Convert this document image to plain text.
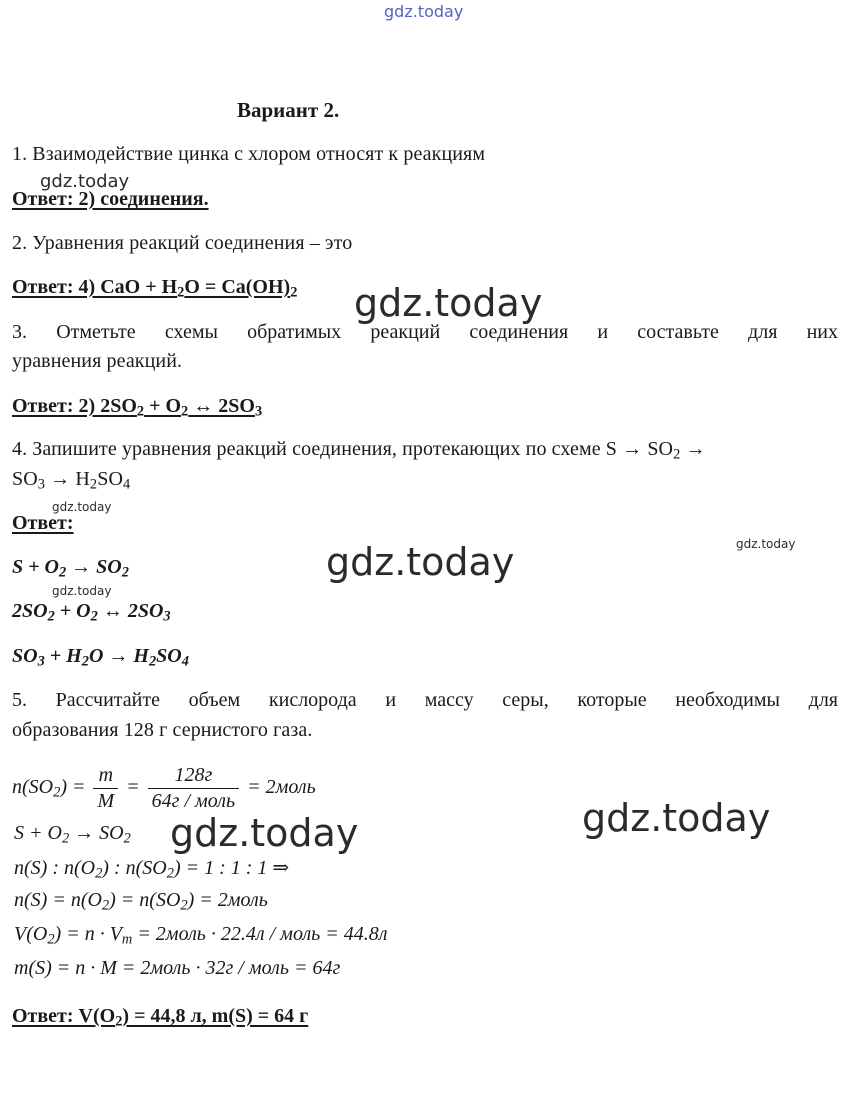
gdz.today
gdz.today
gdz.today
gdz.today
gdz.today
gdz.today
gdz.today
gdz.today	gdz.today
Вариант 2.
1. Взаимодействие цинка с хлором относят к реакциям
Ответ: 2) соединения.
2. Уравнения реакций соединения – это
Ответ: 4) CaO + $H_2O = Ca(OH)_2$
3. Отметьте схемы обратимых реакций соединения и составьте для них
уравнения реакций.
Ответ: 2) $2SO_2 + O_2$ ↔ $2SO_3$
4. Запишите уравнения реакций соединения, протекающих по схеме $S \to SO_2$ →
$SO_3 \to H_2SO_4$
Ответ:
$S + O_2 \to SO_2$
$2SO_2 + O_2$ ↔ $2SO_3$
$SO_3 + H_2O \to H_2SO_4$
5. Рассчитайте объем кислорода и массу серы, которые необходимы для
образования 128 г сернистого газа.
$n(SO_2) = \frac{m}{M} = \frac{128г}{\text{64г / моль}}$ = 2моль
$S + O_2 \to SO_2$
n(S) : $n(O_2)$ : $n(SO_2) = 1$ : 1 : 1 ⇒
$n(S) = n(O_2) = n(SO_2)$ = 2моль
$V(O_2) = n \cdot V_m$ = 2моль · 22.4л / моль = 44.8л
m(S) = n · M = 2моль · 32г / моль = 64г
Ответ: $V(O_2) = 44,8$ л, m(S) = 64 г
